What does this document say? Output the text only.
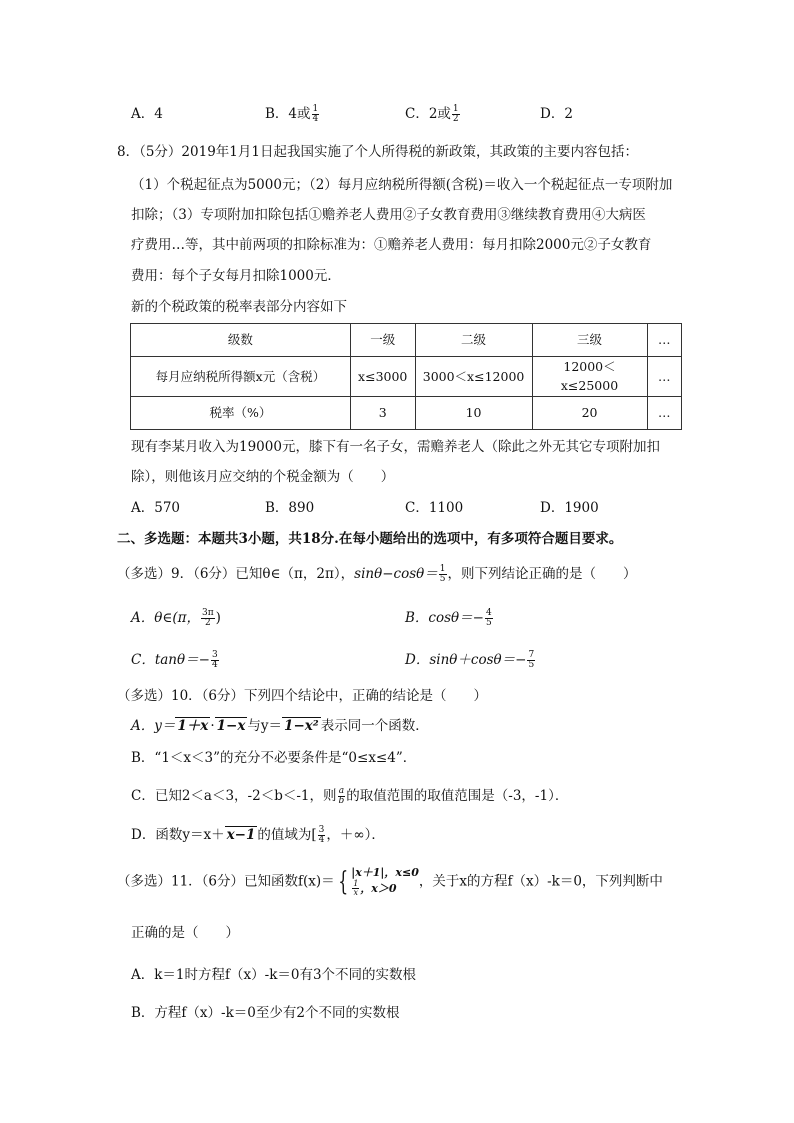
A．4	B．4或 $\frac{1}{4}$	C．2或 $\frac{1}{2}$	D．2
8．（5分）2019年1月1日起我国实施了个人所得税的新政策，其政策的主要内容包括：
（1）个税起征点为5000元；（2）每月应纳税所得额(含税)＝收入一个税起征点一专项附加
扣除；（3）专项附加扣除包括①赡养老人费用②子女教育费用③继续教育费用④大病医
疗费用…等，其中前两项的扣除标准为：①赡养老人费用：每月扣除2000元②子女教育
费用：每个子女每月扣除1000元．
新的个税政策的税率表部分内容如下
级数	一级	二级	三级	…
每月应纳税所得额x元（含税）	x≤3000	3000＜x≤12000	12000＜x≤25000	…
税率（%）	3	10	20	…
现有李某月收入为19000元，膝下有一名子女，需赡养老人（除此之外无其它专项附加扣
除），则他该月应交纳的个税金额为（　　）
A．570	B．890	C．1100	D．1900
二、多选题：本题共3小题，共18分.在每小题给出的选项中，有多项符合题目要求。
（多选）9．（6分）已知θ∈（π，2π），$\sin\theta-\cos\theta= \frac{1}{5}$ ，则下列结论正确的是（　　）
A．θ∈(π， $\frac{3\pi}{2}$ )	B．$\cos\theta=- \frac{4}{5}$
C．$\tan\theta=- \frac{3}{4}$	D．$\sin\theta+\cos\theta=- \frac{7}{5}$
（多选）10．（6分）下列四个结论中，正确的结论是（　　）
A．y＝ 1＋x · 1−x 与y＝ 1−x² 表示同一个函数．
B．“1＜x＜3”的充分不必要条件是“0≤x≤4”．
C．已知2＜a＜3，-2＜b＜-1，则 $\frac{a}{b}$ 的取值范围的取值范围是（-3，-1）．
D．函数y＝x＋ x−1 的值域为[ $\frac{3}{4}$ ，＋∞）．
（多选）11．（6分）已知函数f(x)＝ { |x＋1|，x≤0
$\frac{1}{x}$ ，x＞0	，关于x的方程f（x）-k＝0，下列判断中
正确的是（　　）
A．k＝1时方程f（x）-k＝0有3个不同的实数根
B．方程f（x）-k＝0至少有2个不同的实数根
